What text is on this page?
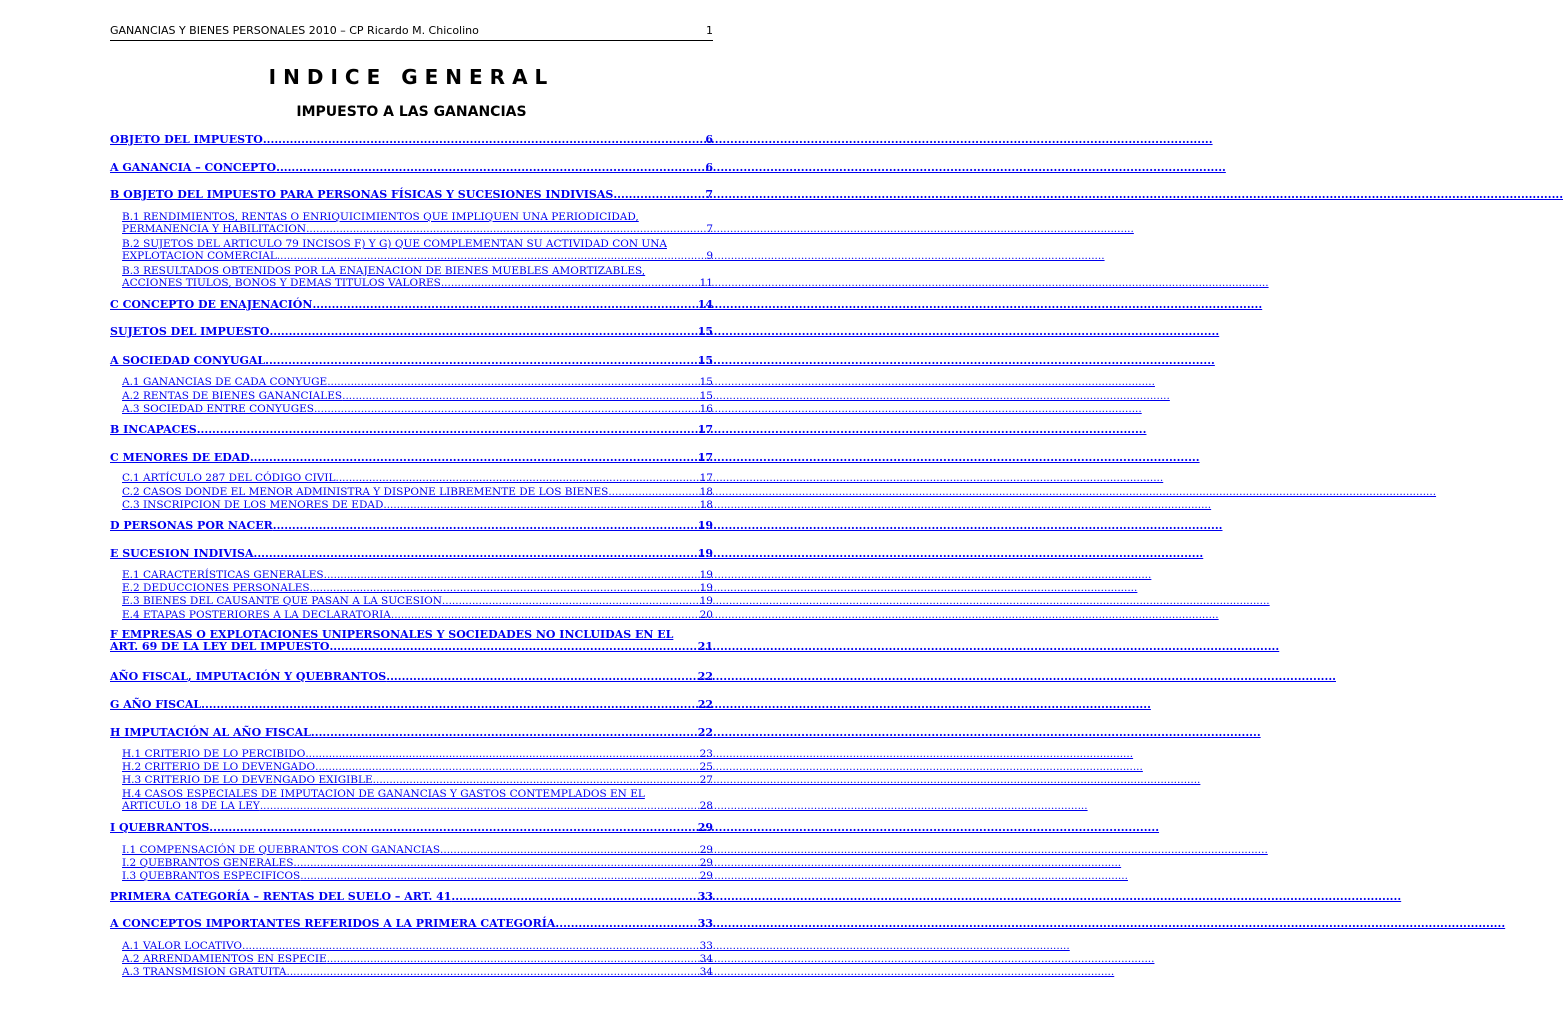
GANANCIAS Y BIENES PERSONALES 2010 – CP Ricardo M. Chicolino	1
INDICE GENERAL
IMPUESTO A LAS GANANCIAS
OBJETO DEL IMPUESTO .....	6
A GANANCIA – CONCEPTO .....	6
B OBJETO DEL IMPUESTO PARA PERSONAS FÍSICAS Y SUCESIONES INDIVISAS .....	7
B.1 RENDIMIENTOS, RENTAS O ENRIQUICIMIENTOS QUE IMPLIQUEN UNA PERIODICIDAD,
PERMANENCIA Y HABILITACION .....	7
B.2 SUJETOS DEL ARTICULO 79 INCISOS F) Y G) QUE COMPLEMENTAN SU ACTIVIDAD CON UNA
EXPLOTACION COMERCIAL .....	9
B.3 RESULTADOS OBTENIDOS POR LA ENAJENACION DE BIENES MUEBLES AMORTIZABLES,
ACCIONES TIULOS, BONOS Y DEMAS TITULOS VALORES .....	11
C CONCEPTO DE ENAJENACIÓN .....	14
SUJETOS DEL IMPUESTO .....	15
A SOCIEDAD CONYUGAL .....	15
A.1 GANANCIAS DE CADA CONYUGE .....	15
A.2 RENTAS DE BIENES GANANCIALES .....	15
A.3 SOCIEDAD ENTRE CONYUGES .....	16
B INCAPACES .....	17
C MENORES DE EDAD .....	17
C.1 ARTÍCULO 287 DEL CÓDIGO CIVIL .....	17
C.2 CASOS DONDE EL MENOR ADMINISTRA Y DISPONE LIBREMENTE DE LOS BIENES .....	18
C.3 INSCRIPCION DE LOS MENORES DE EDAD .....	18
D PERSONAS POR NACER .....	19
E SUCESION INDIVISA .....	19
E.1 CARACTERÍSTICAS GENERALES .....	19
E.2 DEDUCCIONES PERSONALES .....	19
E.3 BIENES DEL CAUSANTE QUE PASAN A LA SUCESION .....	19
E.4 ETAPAS POSTERIORES A LA DECLARATORIA .....	20
F EMPRESAS O EXPLOTACIONES UNIPERSONALES Y SOCIEDADES NO INCLUIDAS EN EL
ART. 69 DE LA LEY DEL IMPUESTO .....	21
AÑO FISCAL, IMPUTACIÓN Y QUEBRANTOS .....	22
G AÑO FISCAL .....	22
H IMPUTACIÓN AL AÑO FISCAL .....	22
H.1 CRITERIO DE LO PERCIBIDO .....	23
H.2 CRITERIO DE LO DEVENGADO .....	25
H.3 CRITERIO DE LO DEVENGADO EXIGIBLE .....	27
H.4 CASOS ESPECIALES DE IMPUTACION DE GANANCIAS Y GASTOS CONTEMPLADOS EN EL
ARTICULO 18 DE LA LEY .....	28
I QUEBRANTOS .....	29
I.1 COMPENSACIÓN DE QUEBRANTOS CON GANANCIAS .....	29
I.2 QUEBRANTOS GENERALES .....	29
I.3 QUEBRANTOS ESPECIFICOS .....	29
PRIMERA CATEGORÍA – RENTAS DEL SUELO – ART. 41 .....	33
A CONCEPTOS IMPORTANTES REFERIDOS A LA PRIMERA CATEGORÍA .....	33
A.1 VALOR LOCATIVO .....	33
A.2 ARRENDAMIENTOS EN ESPECIE .....	34
A.3 TRANSMISION GRATUITA .....	34
